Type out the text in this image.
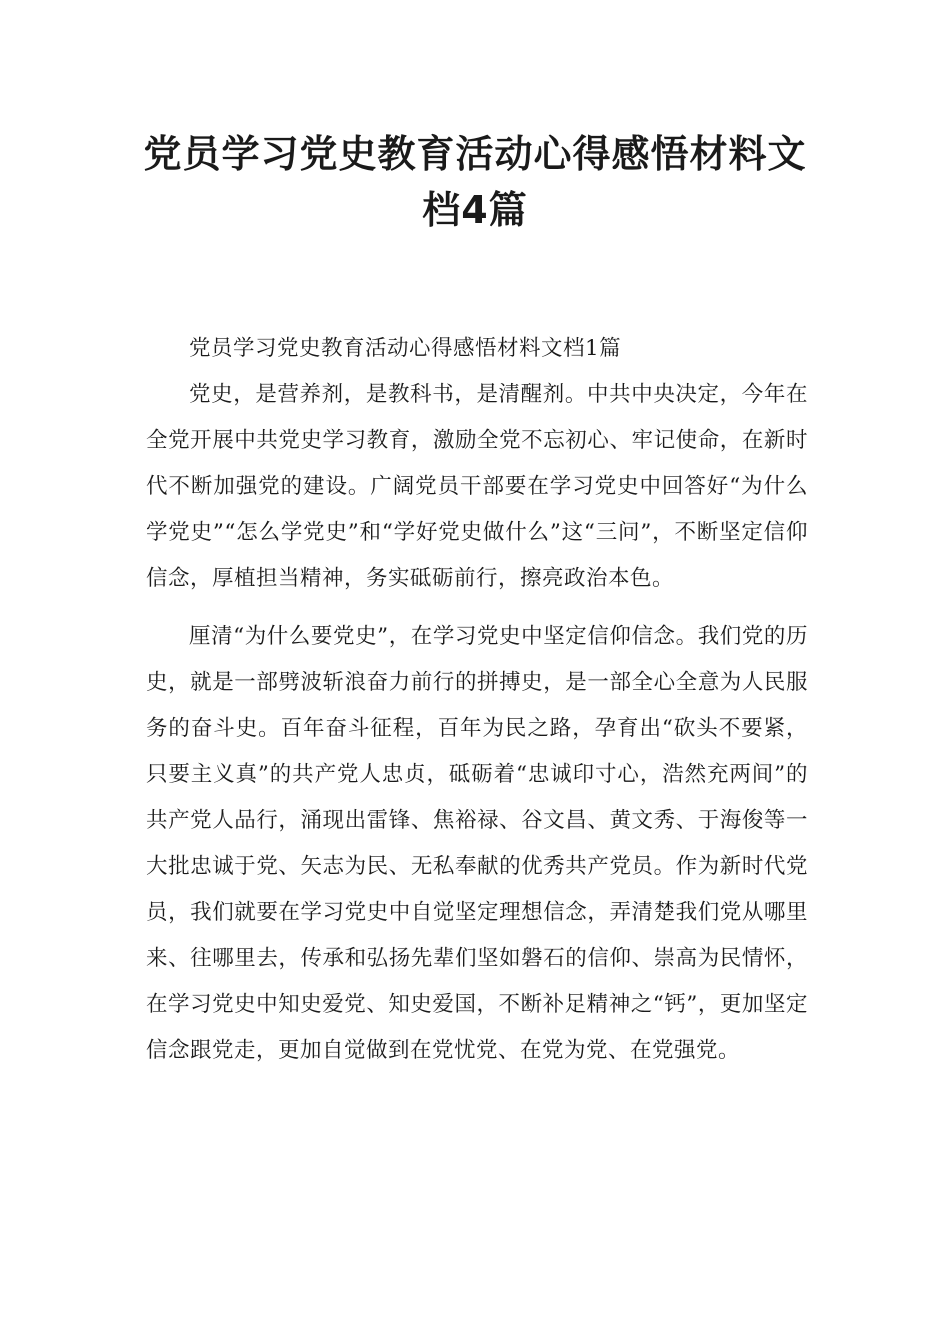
党员学习党史教育活动心得感悟材料文
档4篇

党员学习党史教育活动心得感悟材料文档1篇

党史，是营养剂，是教科书，是清醒剂。中共中央决定，今年在全党开展中共党史学习教育，激励全党不忘初心、牢记使命，在新时代不断加强党的建设。广阔党员干部要在学习党史中回答好“为什么学党史”“怎么学党史”和“学好党史做什么”这“三问”，不断坚定信仰信念，厚植担当精神，务实砥砺前行，擦亮政治本色。

厘清“为什么要党史”，在学习党史中坚定信仰信念。我们党的历史，就是一部劈波斩浪奋力前行的拼搏史，是一部全心全意为人民服务的奋斗史。百年奋斗征程，百年为民之路，孕育出“砍头不要紧，只要主义真”的共产党人忠贞，砥砺着“忠诚印寸心，浩然充两间”的共产党人品行，涌现出雷锋、焦裕禄、谷文昌、黄文秀、于海俊等一大批忠诚于党、矢志为民、无私奉献的优秀共产党员。作为新时代党员，我们就要在学习党史中自觉坚定理想信念，弄清楚我们党从哪里来、往哪里去，传承和弘扬先辈们坚如磐石的信仰、崇高为民情怀，在学习党史中知史爱党、知史爱国，不断补足精神之“钙”，更加坚定信念跟党走，更加自觉做到在党忧党、在党为党、在党强党。
